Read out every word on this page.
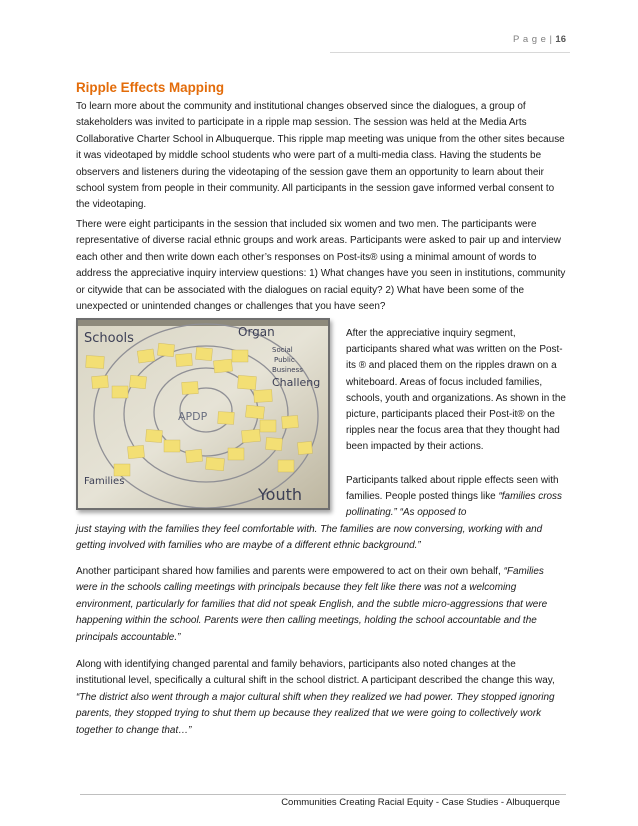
P a g e | 16
Ripple Effects Mapping

To learn more about the community and institutional changes observed since the dialogues, a group of stakeholders was invited to participate in a ripple map session. The session was held at the Media Arts Collaborative Charter School in Albuquerque. This ripple map meeting was unique from the other sites because it was videotaped by middle school students who were part of a multi-media class. Having the students be observers and listeners during the videotaping of the session gave them an opportunity to learn about their school system from people in their community. All participants in the session gave informed verbal consent to the videotaping.

There were eight participants in the session that included six women and two men. The participants were representative of diverse racial ethnic groups and work areas. Participants were asked to pair up and interview each other and then write down each other’s responses on Post-its® using a minimal amount of words to address the appreciative inquiry interview questions: 1) What changes have you seen in institutions, community or citywide that can be associated with the dialogues on racial equity? 2) What have been some of the unexpected or unintended changes or challenges that you have seen?

Schools
Families
Youth
APDP
Organ
Social
Public
Business
Challeng

After the appreciative inquiry segment, participants shared what was written on the Post-its ® and placed them on the ripples drawn on a whiteboard. Areas of focus included families, schools, youth and organizations. As shown in the picture, participants placed their Post-it® on the ripples near the focus area that they thought had been impacted by their actions.

Participants talked about ripple effects seen with families. People posted things like “families cross pollinating.” “As opposed to

just staying with the families they feel comfortable with. The families are now conversing, working with and getting involved with families who are maybe of a different ethnic background.”

Another participant shared how families and parents were empowered to act on their own behalf, “Families were in the schools calling meetings with principals because they felt like there was not a welcoming environment, particularly for families that did not speak English, and the subtle micro-aggressions that were happening within the school. Parents were then calling meetings, holding the school accountable and the principals accountable.”

Along with identifying changed parental and family behaviors, participants also noted changes at the institutional level, specifically a cultural shift in the school district. A participant described the change this way, “The district also went through a major cultural shift when they realized we had power. They stopped ignoring parents, they stopped trying to shut them up because they realized that we were going to collectively work together to change that…”

Communities Creating Racial Equity - Case Studies - Albuquerque
